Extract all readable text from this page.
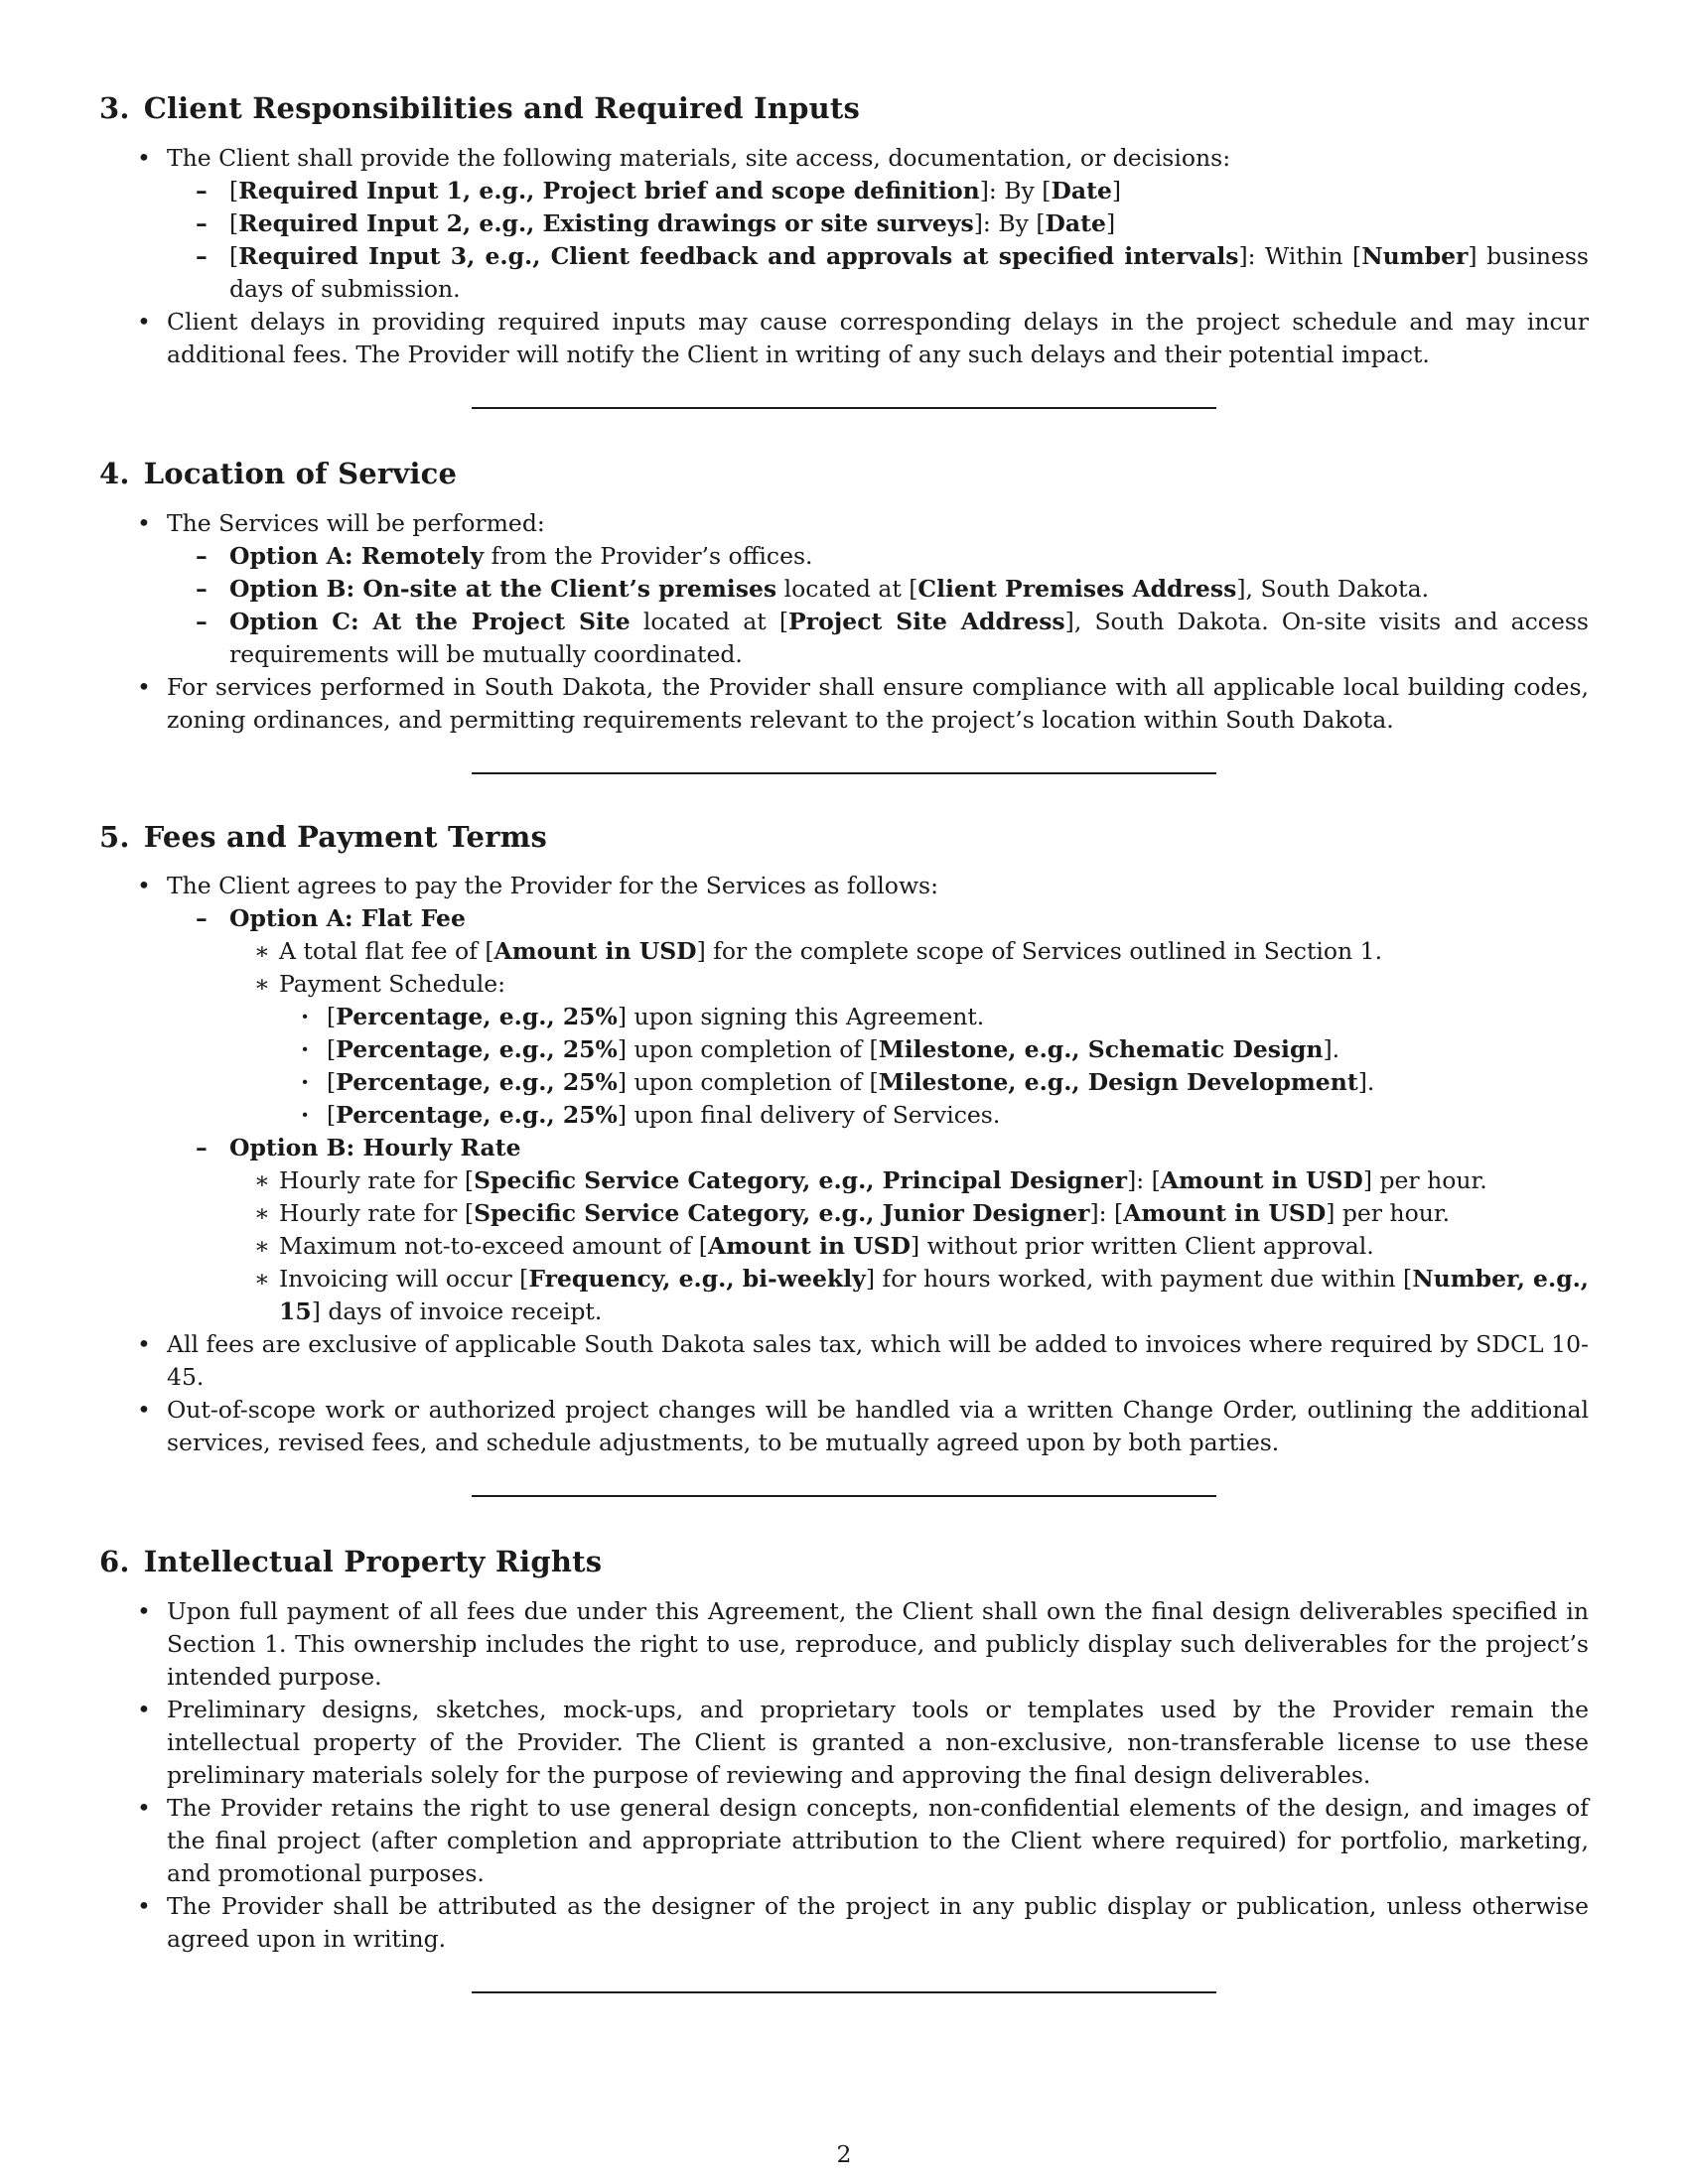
3. Client Responsibilities and Required Inputs
• The Client shall provide the following materials, site access, documentation, or decisions:
– [Required Input 1, e.g., Project brief and scope definition]: By [Date]
– [Required Input 2, e.g., Existing drawings or site surveys]: By [Date]
– [Required Input 3, e.g., Client feedback and approvals at specified intervals]: Within [Number] business days of submission.
• Client delays in providing required inputs may cause corresponding delays in the project schedule and may incur additional fees. The Provider will notify the Client in writing of any such delays and their potential impact.
4. Location of Service
• The Services will be performed:
– Option A: Remotely from the Provider’s offices.
– Option B: On-site at the Client’s premises located at [Client Premises Address], South Dakota.
– Option C: At the Project Site located at [Project Site Address], South Dakota. On-site visits and access requirements will be mutually coordinated.
• For services performed in South Dakota, the Provider shall ensure compliance with all applicable local building codes, zoning ordinances, and permitting requirements relevant to the project’s location within South Dakota.
5. Fees and Payment Terms
• The Client agrees to pay the Provider for the Services as follows:
– Option A: Flat Fee
∗ A total flat fee of [Amount in USD] for the complete scope of Services outlined in Section 1.
∗ Payment Schedule:
· [Percentage, e.g., 25%] upon signing this Agreement.
· [Percentage, e.g., 25%] upon completion of [Milestone, e.g., Schematic Design].
· [Percentage, e.g., 25%] upon completion of [Milestone, e.g., Design Development].
· [Percentage, e.g., 25%] upon final delivery of Services.
– Option B: Hourly Rate
∗ Hourly rate for [Specific Service Category, e.g., Principal Designer]: [Amount in USD] per hour.
∗ Hourly rate for [Specific Service Category, e.g., Junior Designer]: [Amount in USD] per hour.
∗ Maximum not-to-exceed amount of [Amount in USD] without prior written Client approval.
∗ Invoicing will occur [Frequency, e.g., bi-weekly] for hours worked, with payment due within [Number, e.g., 15] days of invoice receipt.
• All fees are exclusive of applicable South Dakota sales tax, which will be added to invoices where required by SDCL 10-45.
• Out-of-scope work or authorized project changes will be handled via a written Change Order, outlining the additional services, revised fees, and schedule adjustments, to be mutually agreed upon by both parties.
6. Intellectual Property Rights
• Upon full payment of all fees due under this Agreement, the Client shall own the final design deliverables specified in Section 1. This ownership includes the right to use, reproduce, and publicly display such deliverables for the project’s intended purpose.
• Preliminary designs, sketches, mock-ups, and proprietary tools or templates used by the Provider remain the intellectual property of the Provider. The Client is granted a non-exclusive, non-transferable license to use these preliminary materials solely for the purpose of reviewing and approving the final design deliverables.
• The Provider retains the right to use general design concepts, non-confidential elements of the design, and images of the final project (after completion and appropriate attribution to the Client where required) for portfolio, marketing, and promotional purposes.
• The Provider shall be attributed as the designer of the project in any public display or publication, unless otherwise agreed upon in writing.
2
